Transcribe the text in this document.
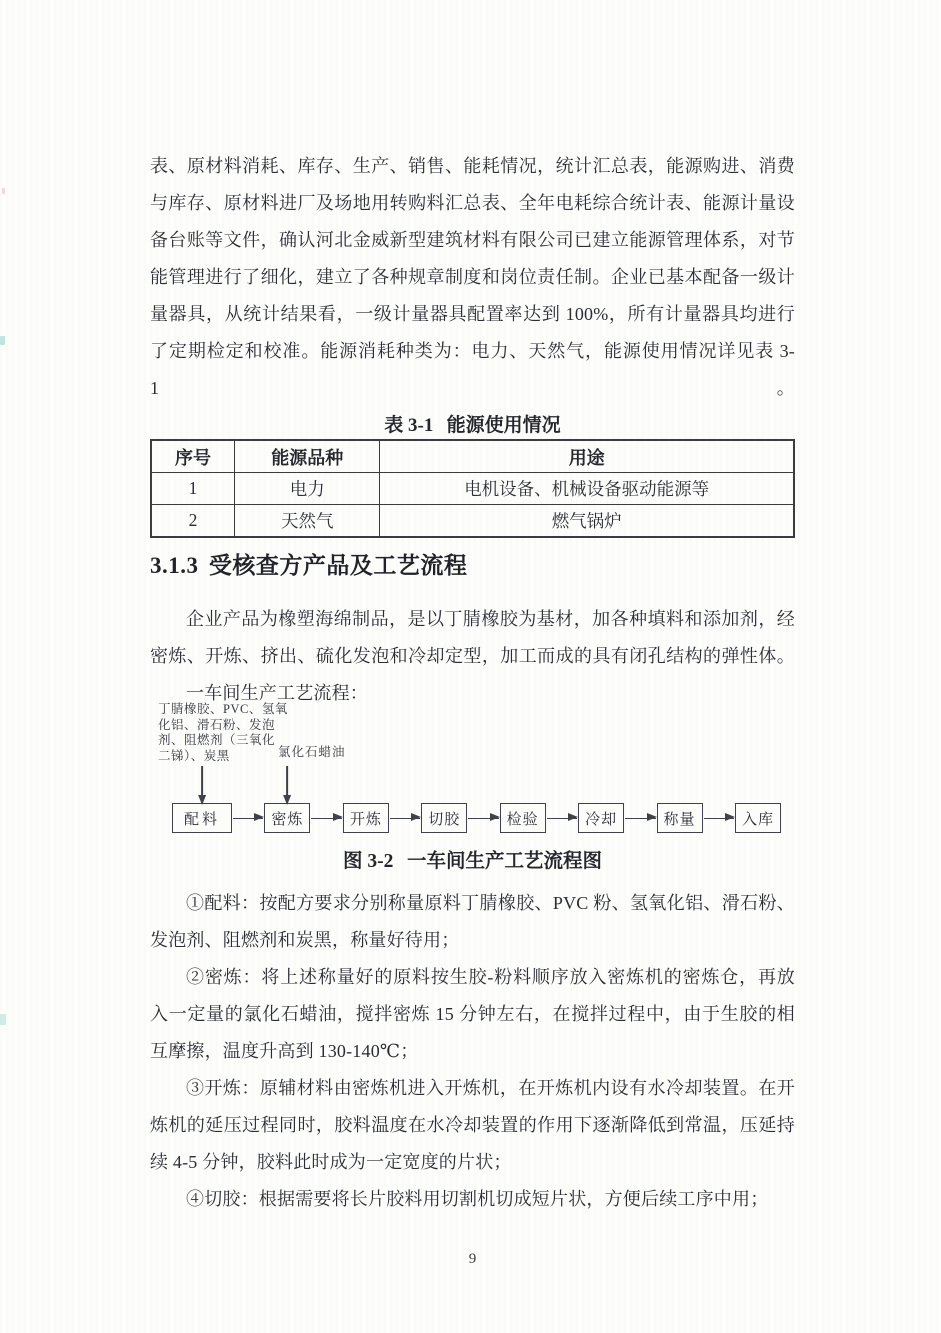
表、原材料消耗、库存、生产、销售、能耗情况，统计汇总表，能源购进、消费
与库存、原材料进厂及场地用转购料汇总表、全年电耗综合统计表、能源计量设
备台账等文件，确认河北金威新型建筑材料有限公司已建立能源管理体系，对节
能管理进行了细化，建立了各种规章制度和岗位责任制。企业已基本配备一级计
量器具，从统计结果看，一级计量器具配置率达到 100%，所有计量器具均进行
了定期检定和校准。能源消耗种类为：电力、天然气，能源使用情况详见表 3-1。
表 3-1 能源使用情况
序号	能源品种	用途
1	电力	电机设备、机械设备驱动能源等
2	天然气	燃气锅炉
3.1.3 受核查方产品及工艺流程
企业产品为橡塑海绵制品，是以丁腈橡胶为基材，加各种填料和添加剂，经
密炼、开炼、挤出、硫化发泡和冷却定型，加工而成的具有闭孔结构的弹性体。
一车间生产工艺流程：
丁腈橡胶、PVC、氢氧
化铝、滑石粉、发泡
剂、阻燃剂（三氧化
二锑）、炭黑	氯化石蜡油
配料	密炼	开炼	切胶	检验	冷却	称量	入库
图 3-2 一车间生产工艺流程图
①配料：按配方要求分别称量原料丁腈橡胶、PVC 粉、氢氧化铝、滑石粉、
发泡剂、阻燃剂和炭黑，称量好待用；
②密炼：将上述称量好的原料按生胶-粉料顺序放入密炼机的密炼仓，再放
入一定量的氯化石蜡油，搅拌密炼 15 分钟左右，在搅拌过程中，由于生胶的相
互摩擦，温度升高到 130-140℃；
③开炼：原辅材料由密炼机进入开炼机，在开炼机内设有水冷却装置。在开
炼机的延压过程同时，胶料温度在水冷却装置的作用下逐渐降低到常温，压延持
续 4-5 分钟，胶料此时成为一定宽度的片状；
④切胶：根据需要将长片胶料用切割机切成短片状，方便后续工序中用；
9
